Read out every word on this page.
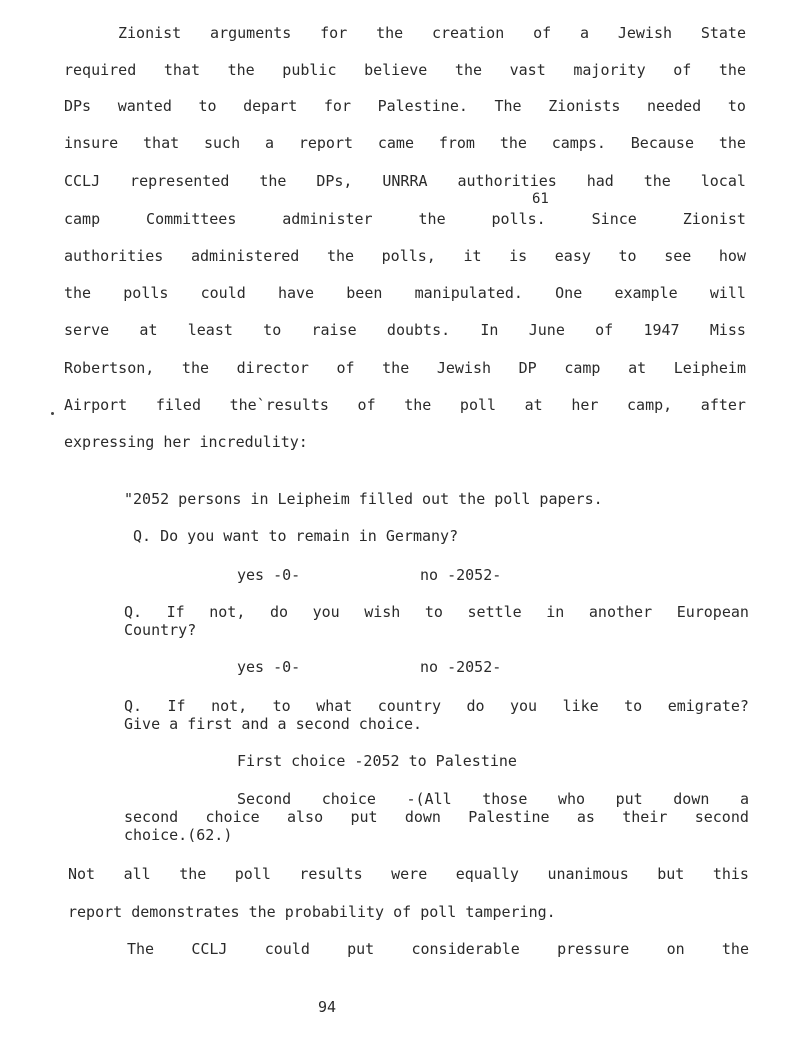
Zionist arguments for the creation of a Jewish State
required that the public believe the vast majority of the
DPs wanted to depart for Palestine. The Zionists needed to
insure that such a report came from the camps. Because the
CCLJ represented the DPs, UNRRA authorities had the local
61
camp	Committees	administer	the	polls.	Since	Zionist
authorities administered the polls, it is easy to see how
the polls could have been manipulated. One example will
serve at least to raise doubts. In June of 1947 Miss
Robertson, the director of the Jewish DP camp at Leipheim
Airport filed the`results of the poll at her camp, after
expressing her incredulity:
"2052 persons in Leipheim filled out the poll papers.
Q. Do you want to remain in Germany?
yes -0-	no -2052-
Q. If not, do you wish to settle in another European
Country?
yes -0-	no -2052-
Q. If not, to what country do you like to emigrate?
Give a first and a second choice.
First choice -2052 to Palestine
Second choice -(All those who put down a
second choice also put down Palestine as their second
choice.(62.)
Not all the poll results were equally unanimous but this
report demonstrates the probability of poll tampering.
The CCLJ could put considerable pressure on the
94
